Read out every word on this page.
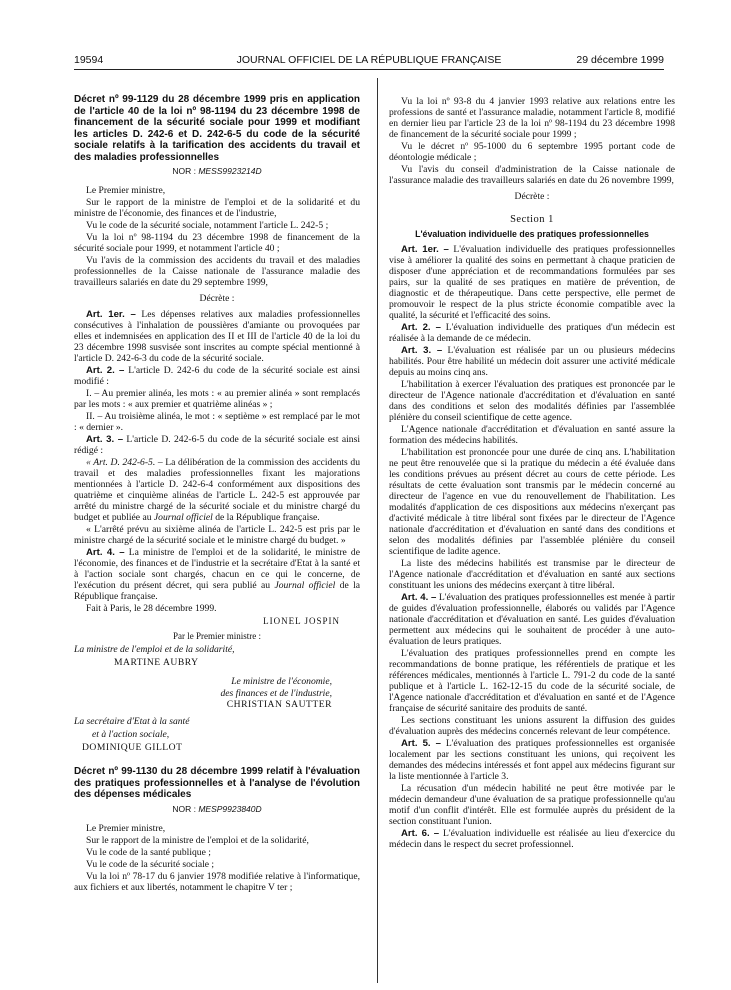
19594	JOURNAL OFFICIEL DE LA RÉPUBLIQUE FRANÇAISE	29 décembre 1999
Décret nº 99-1129 du 28 décembre 1999 pris en application de l'article 40 de la loi nº 98-1194 du 23 décembre 1998 de financement de la sécurité sociale pour 1999 et modifiant les articles D. 242-6 et D. 242-6-5 du code de la sécurité sociale relatifs à la tarification des accidents du travail et des maladies professionnelles
NOR : MESS9923214D

Le Premier ministre,

Sur le rapport de la ministre de l'emploi et de la solidarité et du ministre de l'économie, des finances et de l'industrie,

Vu le code de la sécurité sociale, notamment l'article L. 242-5 ;

Vu la loi nº 98-1194 du 23 décembre 1998 de financement de la sécurité sociale pour 1999, et notamment l'article 40 ;

Vu l'avis de la commission des accidents du travail et des maladies professionnelles de la Caisse nationale de l'assurance maladie des travailleurs salariés en date du 29 septembre 1999,

Décrète :

Art. 1er. – Les dépenses relatives aux maladies professionnelles consécutives à l'inhalation de poussières d'amiante ou provoquées par elles et indemnisées en application des II et III de l'article 40 de la loi du 23 décembre 1998 susvisée sont inscrites au compte spécial mentionné à l'article D. 242-6-3 du code de la sécurité sociale.

Art. 2. – L'article D. 242-6 du code de la sécurité sociale est ainsi modifié :

I. – Au premier alinéa, les mots : « au premier alinéa » sont remplacés par les mots : « aux premier et quatrième alinéas » ;

II. – Au troisième alinéa, le mot : « septième » est remplacé par le mot : « dernier ».

Art. 3. – L'article D. 242-6-5 du code de la sécurité sociale est ainsi rédigé :

« Art. D. 242-6-5. – La délibération de la commission des accidents du travail et des maladies professionnelles fixant les majorations mentionnées à l'article D. 242-6-4 conformément aux dispositions des quatrième et cinquième alinéas de l'article L. 242-5 est approuvée par arrêté du ministre chargé de la sécurité sociale et du ministre chargé du budget et publiée au Journal officiel de la République française.

« L'arrêté prévu au sixième alinéa de l'article L. 242-5 est pris par le ministre chargé de la sécurité sociale et le ministre chargé du budget. »

Art. 4. – La ministre de l'emploi et de la solidarité, le ministre de l'économie, des finances et de l'industrie et la secrétaire d'Etat à la santé et à l'action sociale sont chargés, chacun en ce qui le concerne, de l'exécution du présent décret, qui sera publié au Journal officiel de la République française.

Fait à Paris, le 28 décembre 1999.

LIONEL JOSPIN
Par le Premier ministre :
La ministre de l'emploi et de la solidarité,
MARTINE AUBRY
Le ministre de l'économie,
des finances et de l'industrie,
CHRISTIAN SAUTTER
La secrétaire d'Etat à la santé
et à l'action sociale,
DOMINIQUE GILLOT
Décret nº 99-1130 du 28 décembre 1999 relatif à l'évaluation des pratiques professionnelles et à l'analyse de l'évolution des dépenses médicales
NOR : MESP9923840D

Le Premier ministre,

Sur le rapport de la ministre de l'emploi et de la solidarité,

Vu le code de la santé publique ;

Vu le code de la sécurité sociale ;

Vu la loi nº 78-17 du 6 janvier 1978 modifiée relative à l'informatique, aux fichiers et aux libertés, notamment le chapitre V ter ;

Vu la loi nº 93-8 du 4 janvier 1993 relative aux relations entre les professions de santé et l'assurance maladie, notamment l'article 8, modifié en dernier lieu par l'article 23 de la loi nº 98-1194 du 23 décembre 1998 de financement de la sécurité sociale pour 1999 ;

Vu le décret nº 95-1000 du 6 septembre 1995 portant code de déontologie médicale ;

Vu l'avis du conseil d'administration de la Caisse nationale de l'assurance maladie des travailleurs salariés en date du 26 novembre 1999,

Décrète :
Section 1
L'évaluation individuelle des pratiques professionnelles

Art. 1er. – L'évaluation individuelle des pratiques professionnelles vise à améliorer la qualité des soins en permettant à chaque praticien de disposer d'une appréciation et de recommandations formulées par ses pairs, sur la qualité de ses pratiques en matière de prévention, de diagnostic et de thérapeutique. Dans cette perspective, elle permet de promouvoir le respect de la plus stricte économie compatible avec la qualité, la sécurité et l'efficacité des soins.

Art. 2. – L'évaluation individuelle des pratiques d'un médecin est réalisée à la demande de ce médecin.

Art. 3. – L'évaluation est réalisée par un ou plusieurs médecins habilités. Pour être habilité un médecin doit assurer une activité médicale depuis au moins cinq ans.

L'habilitation à exercer l'évaluation des pratiques est prononcée par le directeur de l'Agence nationale d'accréditation et d'évaluation en santé dans des conditions et selon des modalités définies par l'assemblée plénière du conseil scientifique de cette agence.

L'Agence nationale d'accréditation et d'évaluation en santé assure la formation des médecins habilités.

L'habilitation est prononcée pour une durée de cinq ans. L'habilitation ne peut être renouvelée que si la pratique du médecin a été évaluée dans les conditions prévues au présent décret au cours de cette période. Les résultats de cette évaluation sont transmis par le médecin concerné au directeur de l'agence en vue du renouvellement de l'habilitation. Les modalités d'application de ces dispositions aux médecins n'exerçant pas d'activité médicale à titre libéral sont fixées par le directeur de l'Agence nationale d'accréditation et d'évaluation en santé dans des conditions et selon des modalités définies par l'assemblée plénière du conseil scientifique de ladite agence.

La liste des médecins habilités est transmise par le directeur de l'Agence nationale d'accréditation et d'évaluation en santé aux sections constituant les unions des médecins exerçant à titre libéral.

Art. 4. – L'évaluation des pratiques professionnelles est menée à partir de guides d'évaluation professionnelle, élaborés ou validés par l'Agence nationale d'accréditation et d'évaluation en santé. Les guides d'évaluation permettent aux médecins qui le souhaitent de procéder à une auto-évaluation de leurs pratiques.

L'évaluation des pratiques professionnelles prend en compte les recommandations de bonne pratique, les référentiels de pratique et les références médicales, mentionnés à l'article L. 791-2 du code de la santé publique et à l'article L. 162-12-15 du code de la sécurité sociale, de l'Agence nationale d'accréditation et d'évaluation en santé et de l'Agence française de sécurité sanitaire des produits de santé.

Les sections constituant les unions assurent la diffusion des guides d'évaluation auprès des médecins concernés relevant de leur compétence.

Art. 5. – L'évaluation des pratiques professionnelles est organisée localement par les sections constituant les unions, qui reçoivent les demandes des médecins intéressés et font appel aux médecins figurant sur la liste mentionnée à l'article 3.

La récusation d'un médecin habilité ne peut être motivée par le médecin demandeur d'une évaluation de sa pratique professionnelle qu'au motif d'un conflit d'intérêt. Elle est formulée auprès du président de la section constituant l'union.

Art. 6. – L'évaluation individuelle est réalisée au lieu d'exercice du médecin dans le respect du secret professionnel.
